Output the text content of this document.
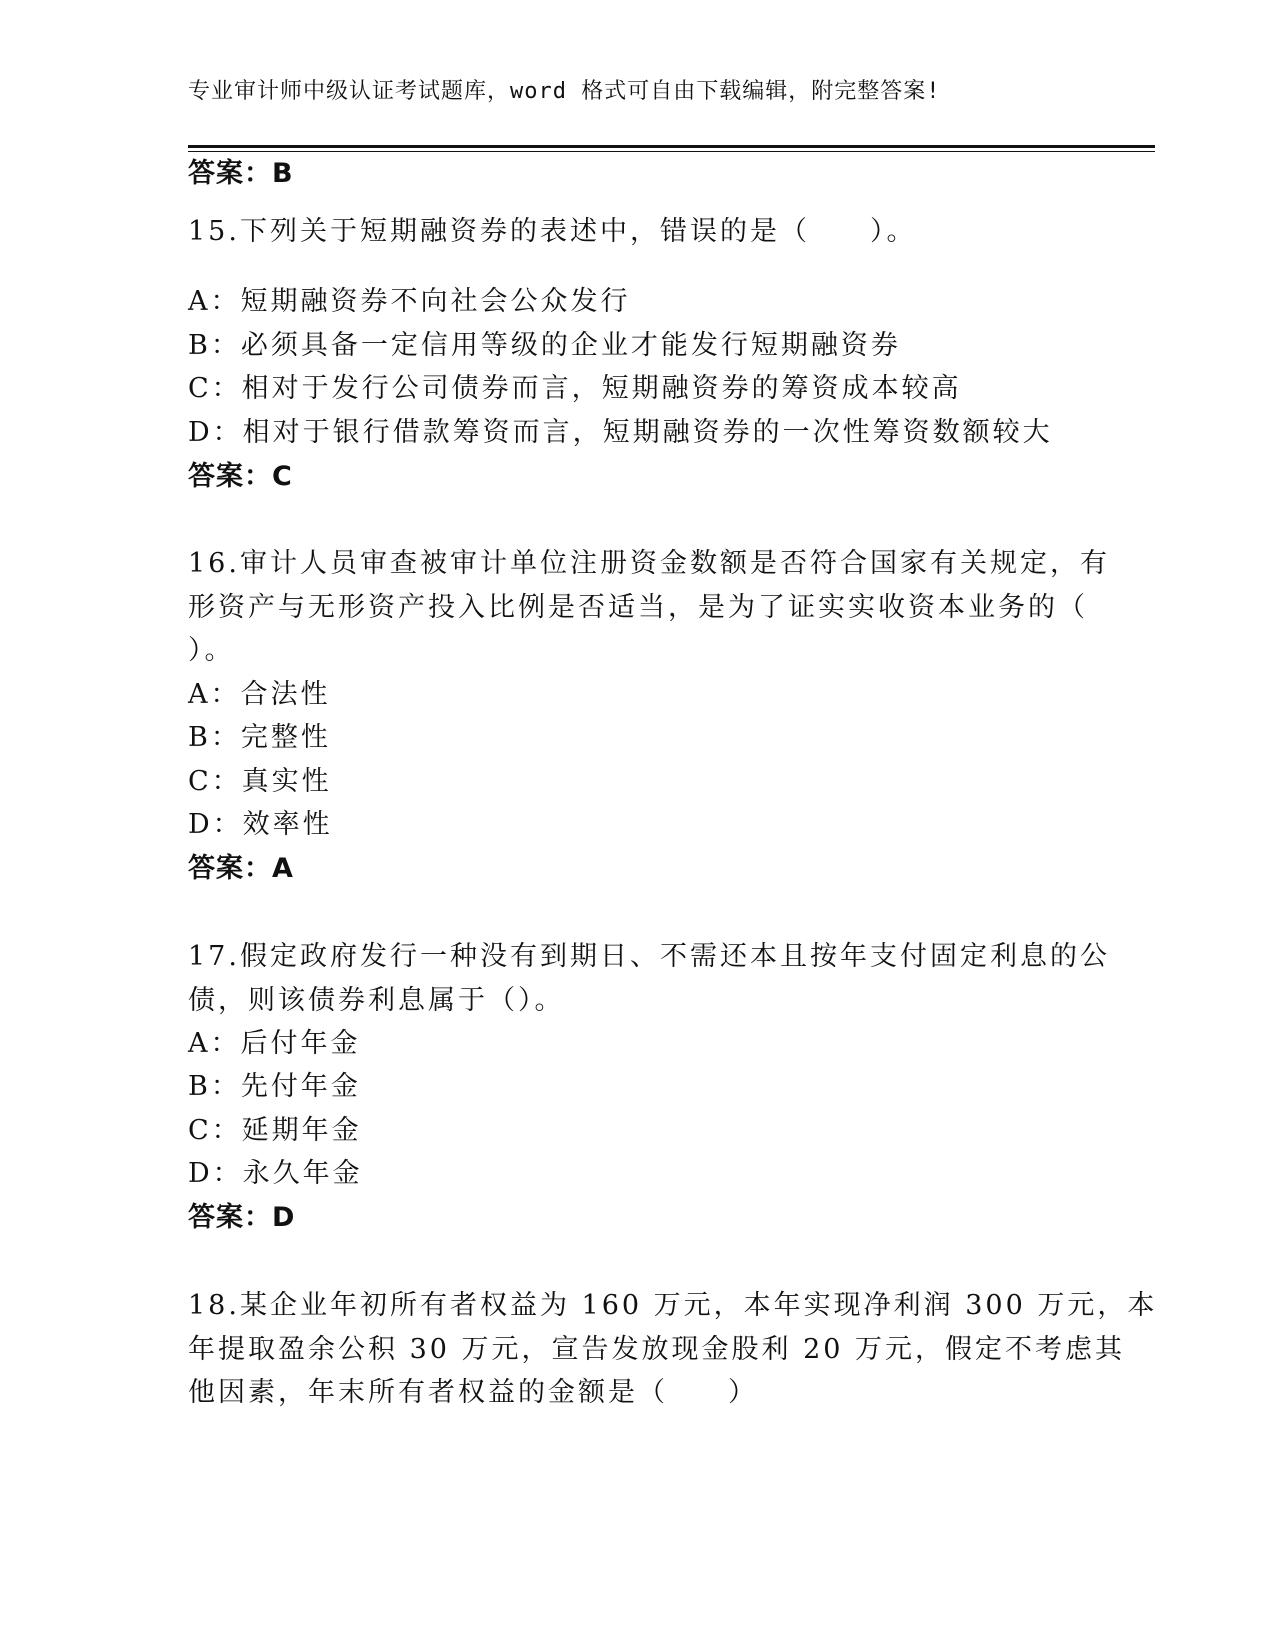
专业审计师中级认证考试题库，word 格式可自由下载编辑，附完整答案!
答案：B
15.下列关于短期融资券的表述中，错误的是（　　）。
A：短期融资券不向社会公众发行
B：必须具备一定信用等级的企业才能发行短期融资券
C：相对于发行公司债券而言，短期融资券的筹资成本较高
D：相对于银行借款筹资而言，短期融资券的一次性筹资数额较大
答案：C
16.审计人员审查被审计单位注册资金数额是否符合国家有关规定，有
形资产与无形资产投入比例是否适当，是为了证实实收资本业务的（
）。
A：合法性
B：完整性
C：真实性
D：效率性
答案：A
17.假定政府发行一种没有到期日、不需还本且按年支付固定利息的公
债，则该债券利息属于（）。
A：后付年金
B：先付年金
C：延期年金
D：永久年金
答案：D
18.某企业年初所有者权益为 160 万元，本年实现净利润 300 万元，本
年提取盈余公积 30 万元，宣告发放现金股利 20 万元，假定不考虑其
他因素，年末所有者权益的金额是（　　）
